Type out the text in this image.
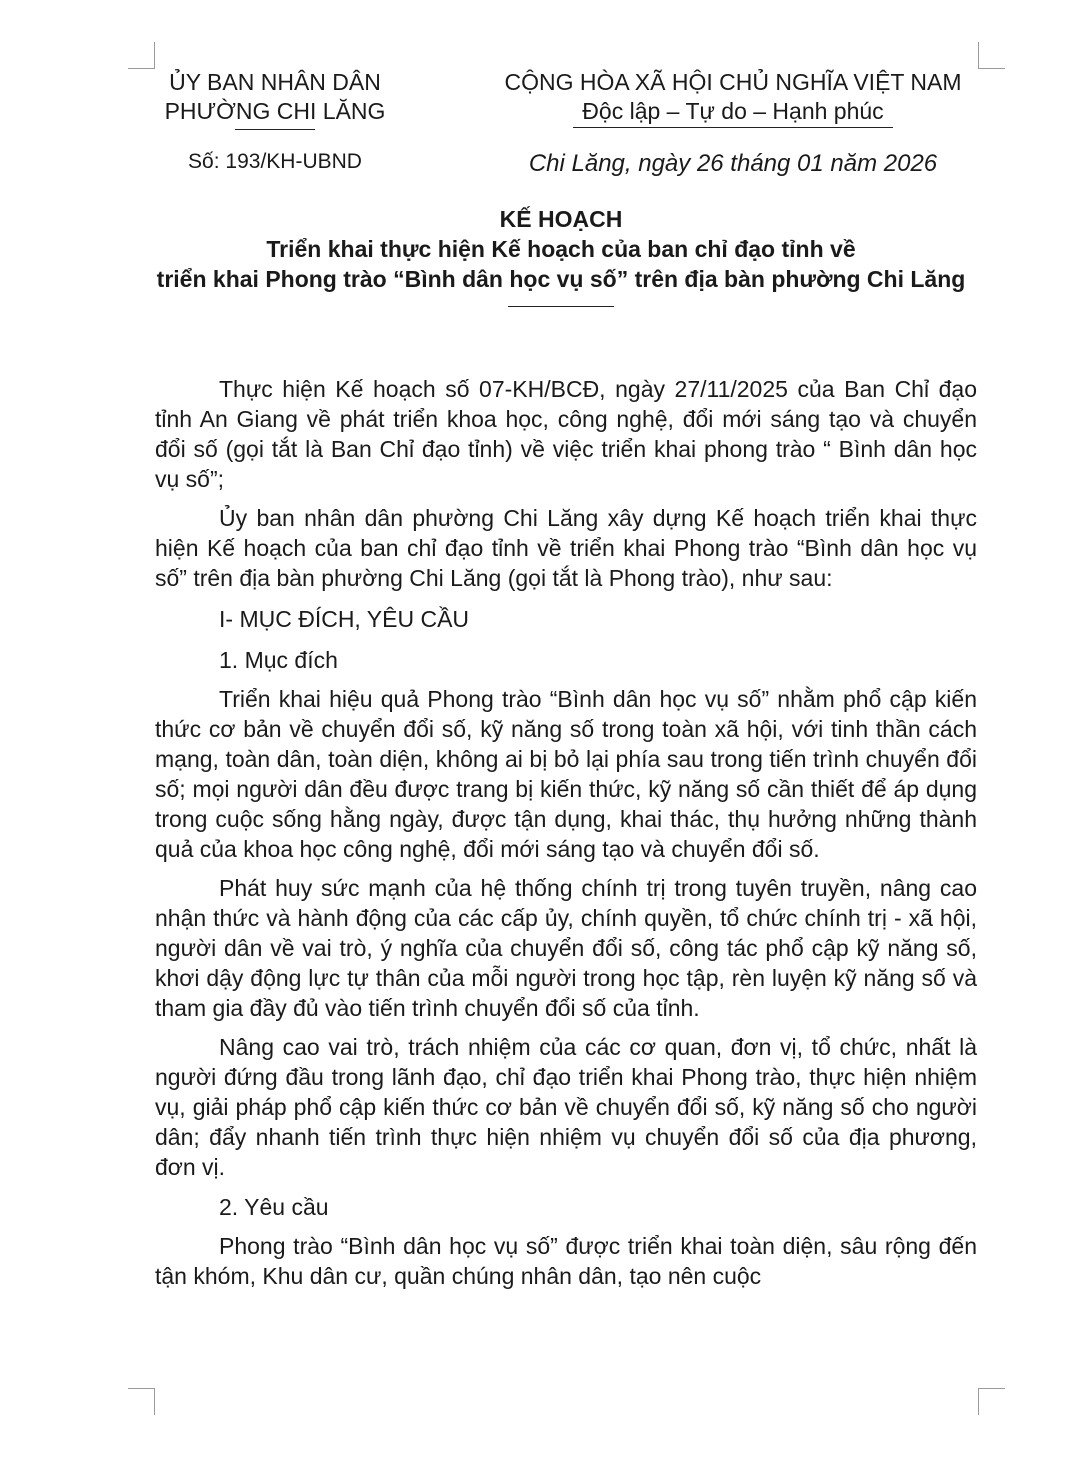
ỦY BAN NHÂN DÂN
PHƯỜNG CHI LĂNG
CỘNG HÒA XÃ HỘI CHỦ NGHĨA VIỆT NAM
Độc lập – Tự do – Hạnh phúc
Số: 193/KH-UBND	Chi Lăng, ngày 26 tháng 01 năm 2026
KẾ HOẠCH
Triển khai thực hiện Kế hoạch của ban chỉ đạo tỉnh về
triển khai Phong trào “Bình dân học vụ số” trên địa bàn phường Chi Lăng

Thực hiện Kế hoạch số 07-KH/BCĐ, ngày 27/11/2025 của Ban Chỉ đạo tỉnh An Giang về phát triển khoa học, công nghệ, đổi mới sáng tạo và chuyển đổi số (gọi tắt là Ban Chỉ đạo tỉnh) về việc triển khai phong trào “ Bình dân học vụ số”;

Ủy ban nhân dân phường Chi Lăng xây dựng Kế hoạch triển khai thực hiện Kế hoạch của ban chỉ đạo tỉnh về triển khai Phong trào “Bình dân học vụ số” trên địa bàn phường Chi Lăng (gọi tắt là Phong trào), như sau:

I- MỤC ĐÍCH, YÊU CẦU
1. Mục đích

Triển khai hiệu quả Phong trào “Bình dân học vụ số” nhằm phổ cập kiến thức cơ bản về chuyển đổi số, kỹ năng số trong toàn xã hội, với tinh thần cách mạng, toàn dân, toàn diện, không ai bị bỏ lại phía sau trong tiến trình chuyển đổi số; mọi người dân đều được trang bị kiến thức, kỹ năng số cần thiết để áp dụng trong cuộc sống hằng ngày, được tận dụng, khai thác, thụ hưởng những thành quả của khoa học công nghệ, đổi mới sáng tạo và chuyển đổi số.

Phát huy sức mạnh của hệ thống chính trị trong tuyên truyền, nâng cao nhận thức và hành động của các cấp ủy, chính quyền, tổ chức chính trị - xã hội, người dân về vai trò, ý nghĩa của chuyển đổi số, công tác phổ cập kỹ năng số, khơi dậy động lực tự thân của mỗi người trong học tập, rèn luyện kỹ năng số và tham gia đầy đủ vào tiến trình chuyển đổi số của tỉnh.

Nâng cao vai trò, trách nhiệm của các cơ quan, đơn vị, tổ chức, nhất là người đứng đầu trong lãnh đạo, chỉ đạo triển khai Phong trào, thực hiện nhiệm vụ, giải pháp phổ cập kiến thức cơ bản về chuyển đổi số, kỹ năng số cho người dân; đẩy nhanh tiến trình thực hiện nhiệm vụ chuyển đổi số của địa phương, đơn vị.

2. Yêu cầu

Phong trào “Bình dân học vụ số” được triển khai toàn diện, sâu rộng đến tận khóm, Khu dân cư, quần chúng nhân dân, tạo nên cuộc
